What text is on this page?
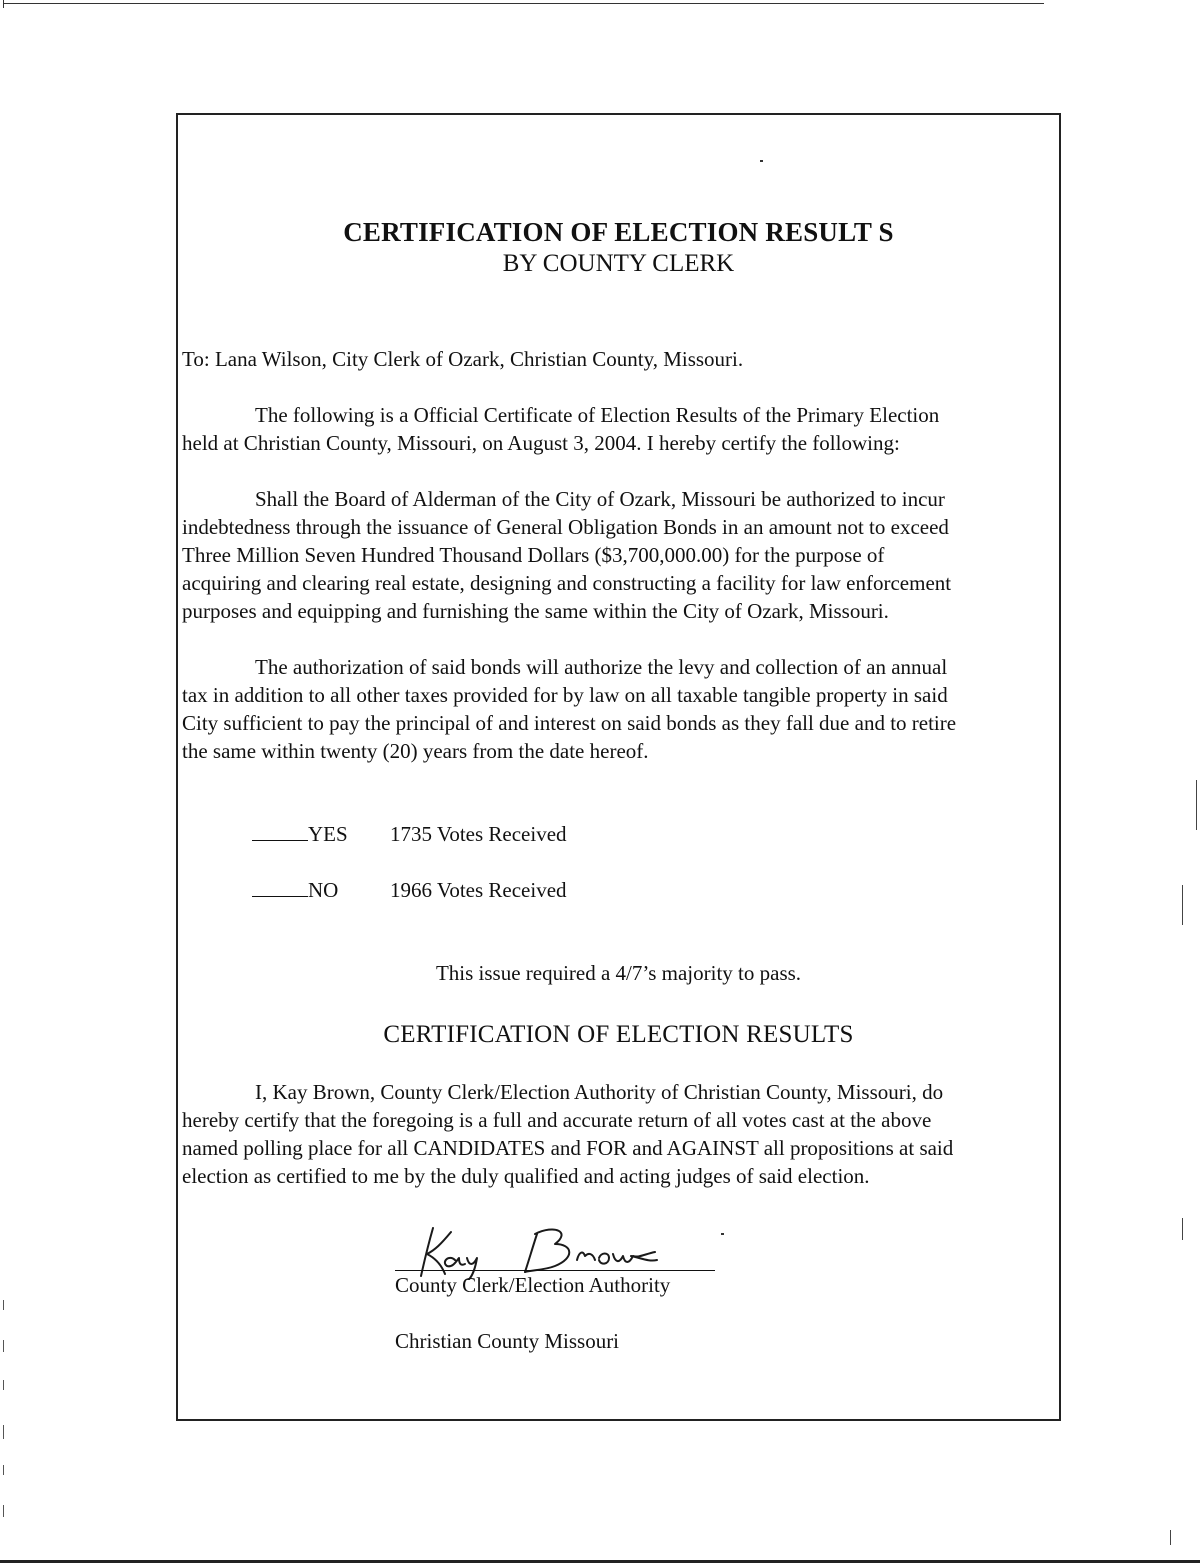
CERTIFICATION OF ELECTION RESULT S
BY COUNTY CLERK
To: Lana Wilson, City Clerk of Ozark, Christian County, Missouri.
The following is a Official Certificate of Election Results of the Primary Election
held at Christian County, Missouri, on August 3, 2004. I hereby certify the following:
Shall the Board of Alderman of the City of Ozark, Missouri be authorized to incur
indebtedness through the issuance of General Obligation Bonds in an amount not to exceed
Three Million Seven Hundred Thousand Dollars ($3,700,000.00) for the purpose of
acquiring and clearing real estate, designing and constructing a facility for law enforcement
purposes and equipping and furnishing the same within the City of Ozark, Missouri.
The authorization of said bonds will authorize the levy and collection of an annual
tax in addition to all other taxes provided for by law on all taxable tangible property in said
City sufficient to pay the principal of and interest on said bonds as they fall due and to retire
the same within twenty (20) years from the date hereof.
YES 1735 Votes Received
NO 1966 Votes Received
This issue required a 4/7’s majority to pass.
CERTIFICATION OF ELECTION RESULTS
I, Kay Brown, County Clerk/Election Authority of Christian County, Missouri, do
hereby certify that the foregoing is a full and accurate return of all votes cast at the above
named polling place for all CANDIDATES and FOR and AGAINST all propositions at said
election as certified to me by the duly qualified and acting judges of said election.
County Clerk/Election Authority
Christian County Missouri
